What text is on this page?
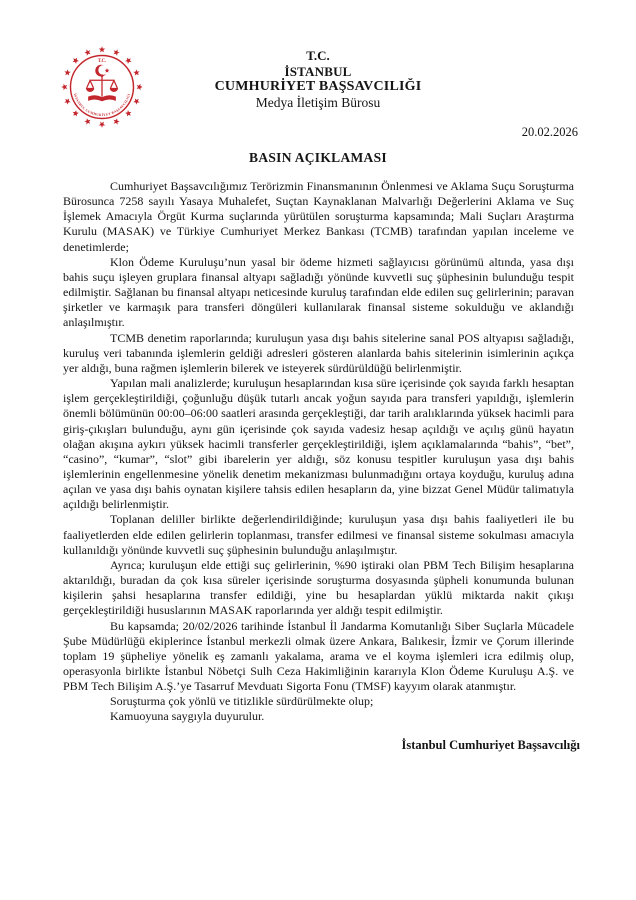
T.C.
İSTANBUL CUMHURİYET BAŞSAVCILIĞI
T.C.
İSTANBUL
CUMHURİYET BAŞSAVCILIĞI
Medya İletişim Bürosu
20.02.2026
BASIN AÇIKLAMASI

Cumhuriyet Başsavcılığımız Terörizmin Finansmanının Önlenmesi ve Aklama Suçu Soruşturma Bürosunca 7258 sayılı Yasaya Muhalefet, Suçtan Kaynaklanan Malvarlığı Değerlerini Aklama ve Suç İşlemek Amacıyla Örgüt Kurma suçlarında yürütülen soruşturma kapsamında; Mali Suçları Araştırma Kurulu (MASAK) ve Türkiye Cumhuriyet Merkez Bankası (TCMB) tarafından yapılan inceleme ve denetimlerde;

Klon Ödeme Kuruluşu’nun yasal bir ödeme hizmeti sağlayıcısı görünümü altında, yasa dışı bahis suçu işleyen gruplara finansal altyapı sağladığı yönünde kuvvetli suç şüphesinin bulunduğu tespit edilmiştir. Sağlanan bu finansal altyapı neticesinde kuruluş tarafından elde edilen suç gelirlerinin; paravan şirketler ve karmaşık para transferi döngüleri kullanılarak finansal sisteme sokulduğu ve aklandığı anlaşılmıştır.

TCMB denetim raporlarında; kuruluşun yasa dışı bahis sitelerine sanal POS altyapısı sağladığı, kuruluş veri tabanında işlemlerin geldiği adresleri gösteren alanlarda bahis sitelerinin isimlerinin açıkça yer aldığı, buna rağmen işlemlerin bilerek ve isteyerek sürdürüldüğü belirlenmiştir.

Yapılan mali analizlerde; kuruluşun hesaplarından kısa süre içerisinde çok sayıda farklı hesaptan işlem gerçekleştirildiği, çoğunluğu düşük tutarlı ancak yoğun sayıda para transferi yapıldığı, işlemlerin önemli bölümünün 00:00–06:00 saatleri arasında gerçekleştiği, dar tarih aralıklarında yüksek hacimli para giriş-çıkışları bulunduğu, aynı gün içerisinde çok sayıda vadesiz hesap açıldığı ve açılış günü hayatın olağan akışına aykırı yüksek hacimli transferler gerçekleştirildiği, işlem açıklamalarında “bahis”, “bet”, “casino”, “kumar”, “slot” gibi ibarelerin yer aldığı, söz konusu tespitler kuruluşun yasa dışı bahis işlemlerinin engellenmesine yönelik denetim mekanizması bulunmadığını ortaya koyduğu, kuruluş adına açılan ve yasa dışı bahis oynatan kişilere tahsis edilen hesapların da, yine bizzat Genel Müdür talimatıyla açıldığı belirlenmiştir.

Toplanan deliller birlikte değerlendirildiğinde; kuruluşun yasa dışı bahis faaliyetleri ile bu faaliyetlerden elde edilen gelirlerin toplanması, transfer edilmesi ve finansal sisteme sokulması amacıyla kullanıldığı yönünde kuvvetli suç şüphesinin bulunduğu anlaşılmıştır.

Ayrıca; kuruluşun elde ettiği suç gelirlerinin, %90 iştiraki olan PBM Tech Bilişim hesaplarına aktarıldığı, buradan da çok kısa süreler içerisinde soruşturma dosyasında şüpheli konumunda bulunan kişilerin şahsi hesaplarına transfer edildiği, yine bu hesaplardan yüklü miktarda nakit çıkışı gerçekleştirildiği hususlarının MASAK raporlarında yer aldığı tespit edilmiştir.

Bu kapsamda; 20/02/2026 tarihinde İstanbul İl Jandarma Komutanlığı Siber Suçlarla Mücadele Şube Müdürlüğü ekiplerince İstanbul merkezli olmak üzere Ankara, Balıkesir, İzmir ve Çorum illerinde toplam 19 şüpheliye yönelik eş zamanlı yakalama, arama ve el koyma işlemleri icra edilmiş olup, operasyonla birlikte İstanbul Nöbetçi Sulh Ceza Hakimliğinin kararıyla Klon Ödeme Kuruluşu A.Ş. ve PBM Tech Bilişim A.Ş.’ye Tasarruf Mevduatı Sigorta Fonu (TMSF) kayyım olarak atanmıştır.

Soruşturma çok yönlü ve titizlikle sürdürülmekte olup;

Kamuoyuna saygıyla duyurulur.

İstanbul Cumhuriyet Başsavcılığı
